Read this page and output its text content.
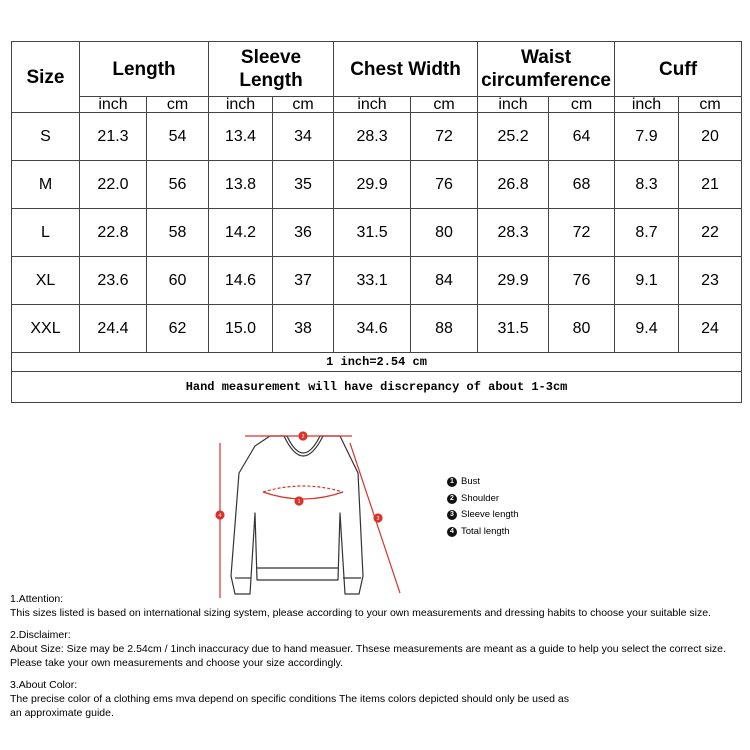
Size	Length		Sleeve Length		Chest Width		Waist circumference		Cuff	
	inch	cm	inch	cm	inch	cm	inch	cm	inch	cm
S	21.3	54	13.4	34	28.3	72	25.2	64	7.9	20
M	22.0	56	13.8	35	29.9	76	26.8	68	8.3	21
L	22.8	58	14.2	36	31.5	80	28.3	72	8.7	22
XL	23.6	60	14.6	37	33.1	84	29.9	76	9.1	23
XXL	24.4	62	15.0	38	34.6	88	31.5	80	9.4	24
1 inch=2.54 cm										
Hand measurement will have discrepancy of about 1-3cm										
2
1
4	3
1 Bust
2 Shoulder
3 Sleeve length
4 Total length

1.Attention:

This sizes listed is based on international sizing system, please according to your own measurements and dressing habits to choose your suitable size.

2.Disclaimer:

About Size: Size may be 2.54cm / 1inch inaccuracy due to hand measuer. Thsese measurements are meant as a guide to help you select the correct size.

Please take your own measurements and choose your size accordingly.

3.About Color:

The precise color of a clothing ems mva depend on specific conditions The items colors depicted should only be used as

an approximate guide.
